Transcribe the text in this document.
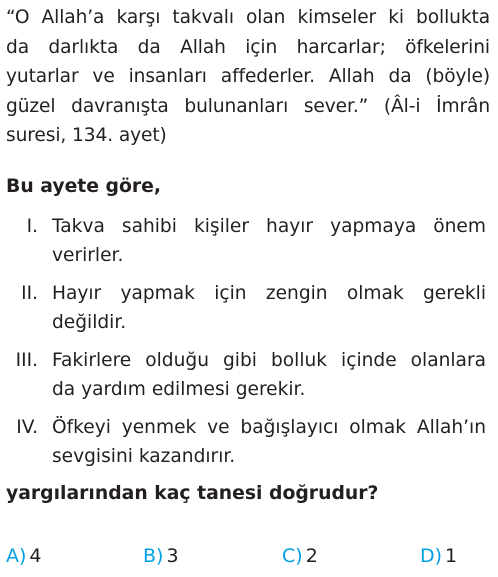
“O Allah’a karşı takvalı olan kimseler ki bollukta
da darlıkta da Allah için harcarlar; öfkelerini
yutarlar ve insanları affederler. Allah da (böyle)
güzel davranışta bulunanları sever.” (Âl-i İmrân
suresi, 134. ayet)
Bu ayete göre,
I. Takva sahibi kişiler hayır yapmaya önem
verirler.
II. Hayır yapmak için zengin olmak gerekli
değildir.
III. Fakirlere olduğu gibi bolluk içinde olanlara
da yardım edilmesi gerekir.
IV. Öfkeyi yenmek ve bağışlayıcı olmak Allah’ın
sevgisini kazandırır.
yargılarından kaç tanesi doğrudur?
A) 4	B) 3	C) 2	D) 1
